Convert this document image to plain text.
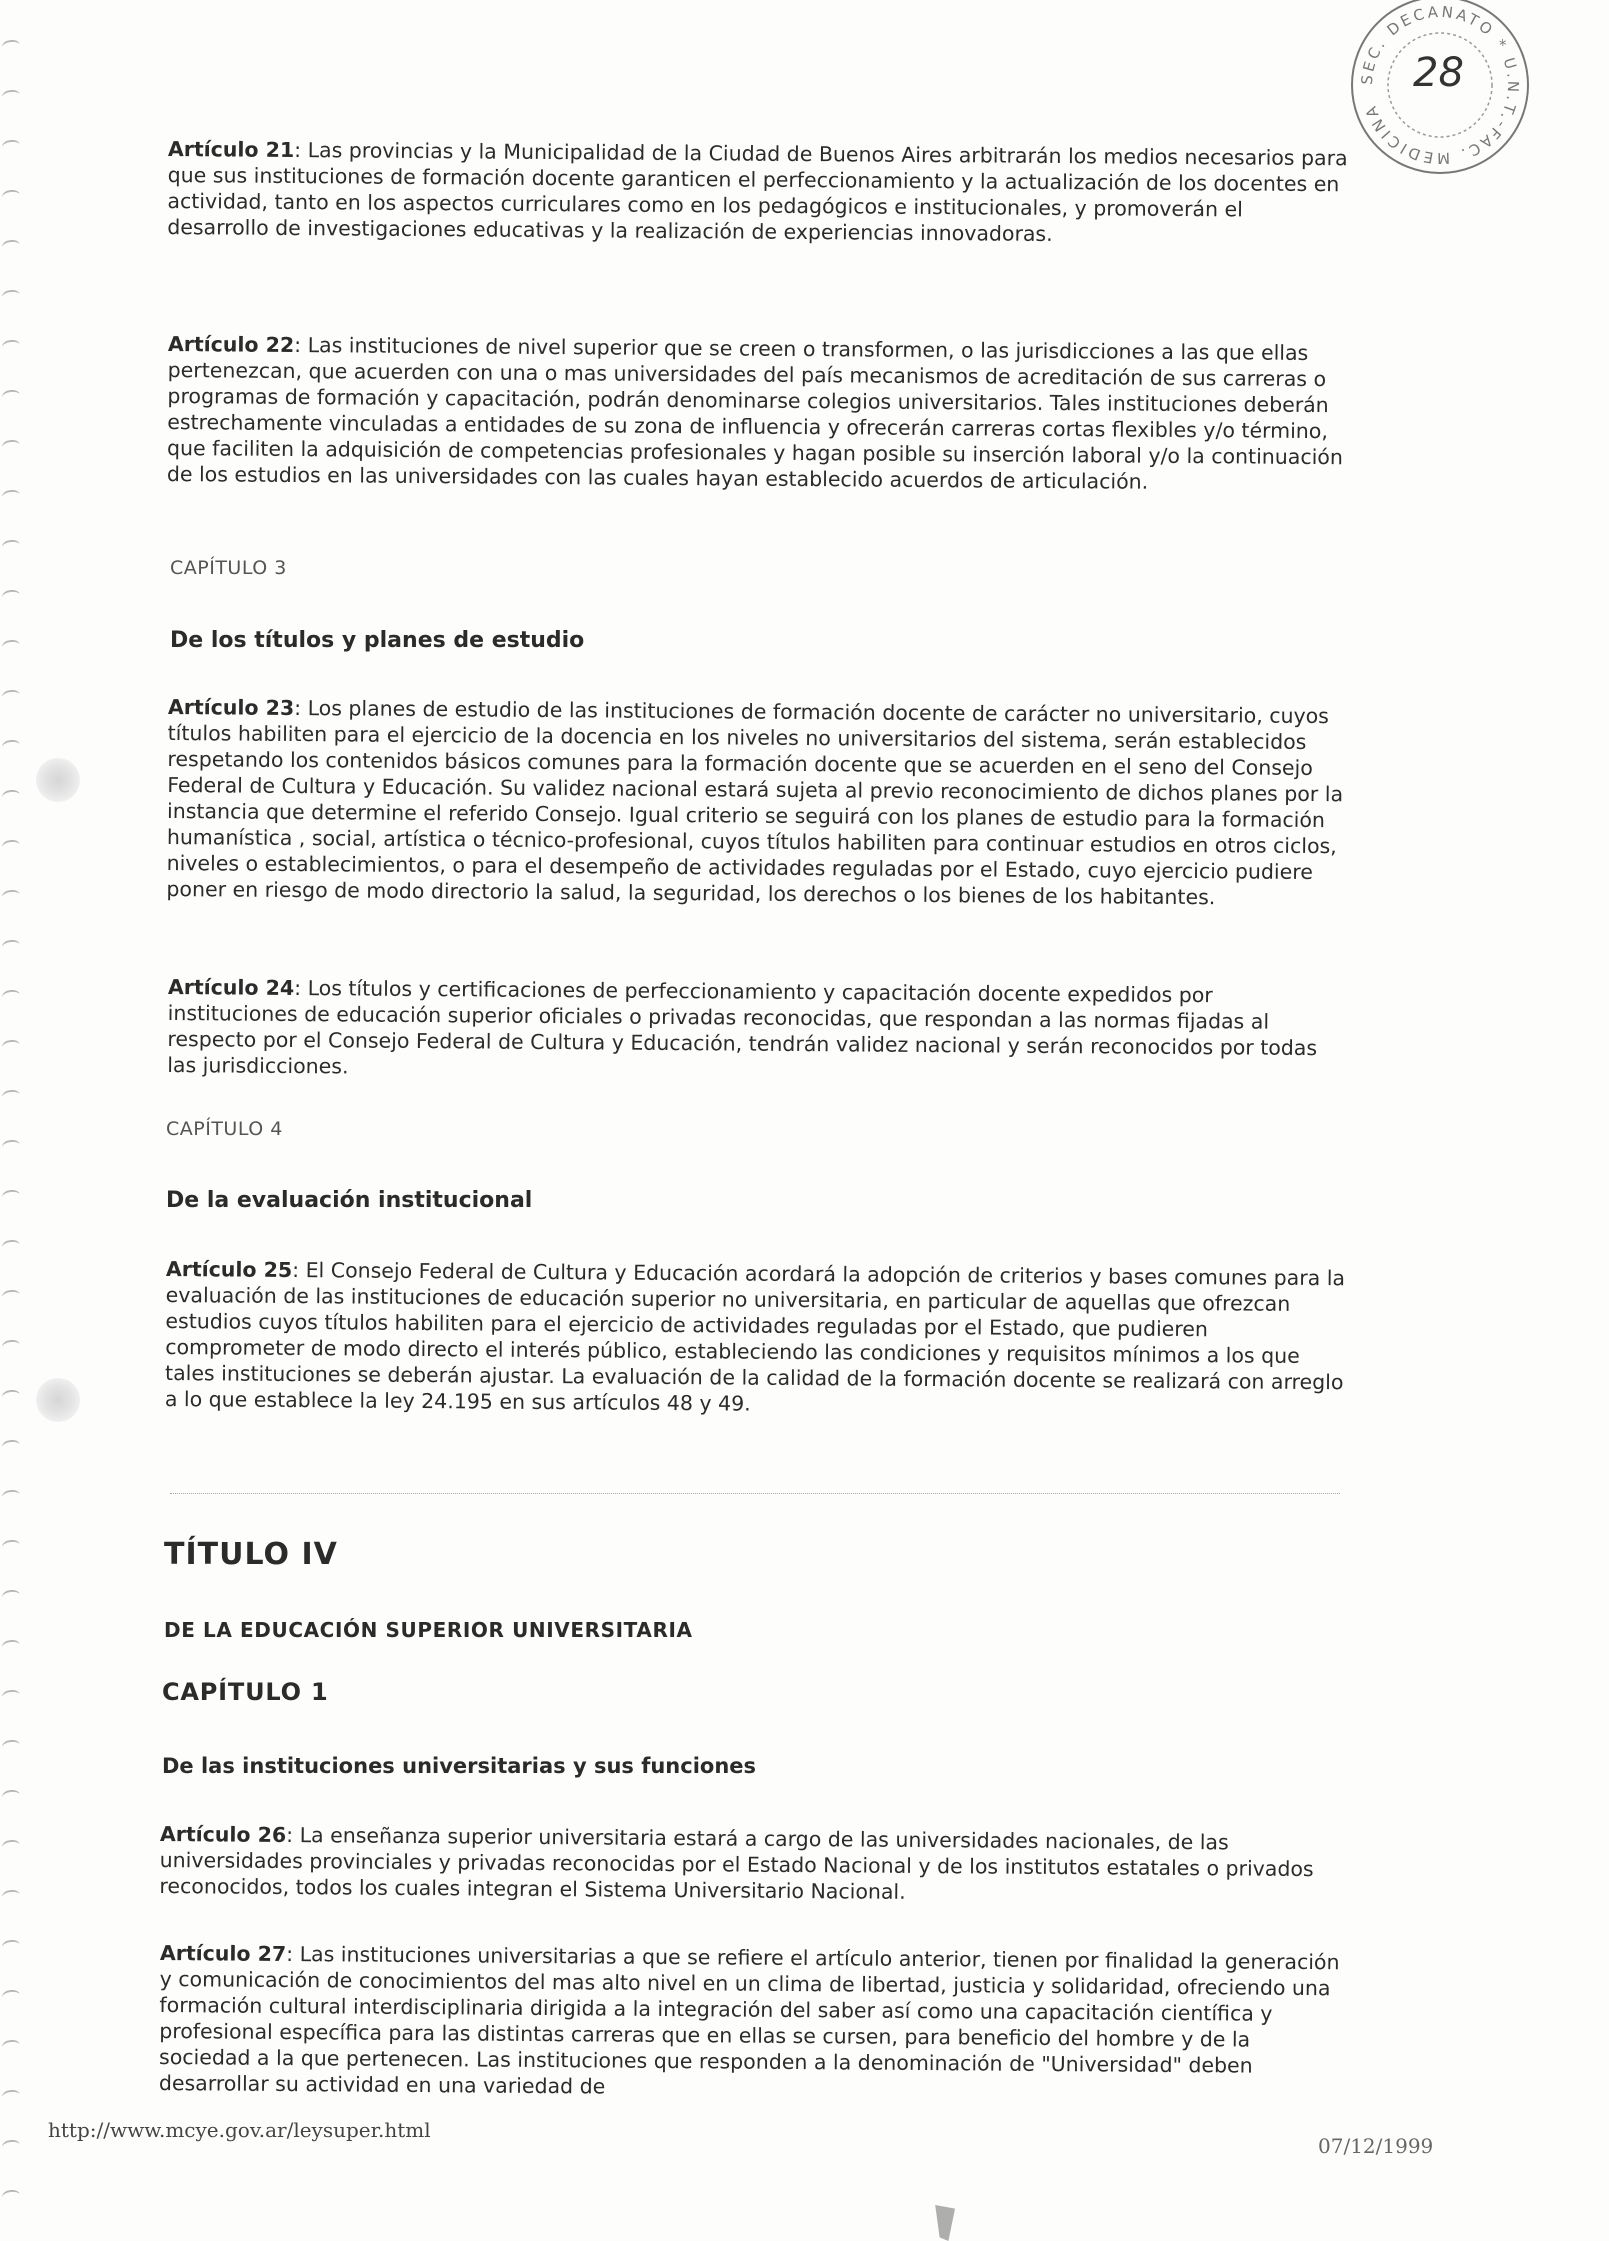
SEC. DECANATO * U.N.T.-FAC. MEDICINA
28

Artículo 21: Las provincias y la Municipalidad de la Ciudad de Buenos Aires arbitrarán los medios necesarios para que sus instituciones de formación docente garanticen el perfeccionamiento y la actualización de los docentes en actividad, tanto en los aspectos curriculares como en los pedagógicos e institucionales, y promoverán el desarrollo de investigaciones educativas y la realización de experiencias innovadoras.

Artículo 22: Las instituciones de nivel superior que se creen o transformen, o las jurisdicciones a las que ellas pertenezcan, que acuerden con una o mas universidades del país mecanismos de acreditación de sus carreras o programas de formación y capacitación, podrán denominarse colegios universitarios. Tales instituciones deberán estrechamente vinculadas a entidades de su zona de influencia y ofrecerán carreras cortas flexibles y/o término, que faciliten la adquisición de competencias profesionales y hagan posible su inserción laboral y/o la continuación de los estudios en las universidades con las cuales hayan establecido acuerdos de articulación.

CAPÍTULO 3
De los títulos y planes de estudio

Artículo 23: Los planes de estudio de las instituciones de formación docente de carácter no universitario, cuyos títulos habiliten para el ejercicio de la docencia en los niveles no universitarios del sistema, serán establecidos respetando los contenidos básicos comunes para la formación docente que se acuerden en el seno del Consejo Federal de Cultura y Educación. Su validez nacional estará sujeta al previo reconocimiento de dichos planes por la instancia que determine el referido Consejo. Igual criterio se seguirá con los planes de estudio para la formación humanística , social, artística o técnico-profesional, cuyos títulos habiliten para continuar estudios en otros ciclos, niveles o establecimientos, o para el desempeño de actividades reguladas por el Estado, cuyo ejercicio pudiere poner en riesgo de modo directorio la salud, la seguridad, los derechos o los bienes de los habitantes.

Artículo 24: Los títulos y certificaciones de perfeccionamiento y capacitación docente expedidos por instituciones de educación superior oficiales o privadas reconocidas, que respondan a las normas fijadas al respecto por el Consejo Federal de Cultura y Educación, tendrán validez nacional y serán reconocidos por todas las jurisdicciones.

CAPÍTULO 4
De la evaluación institucional

Artículo 25: El Consejo Federal de Cultura y Educación acordará la adopción de criterios y bases comunes para la evaluación de las instituciones de educación superior no universitaria, en particular de aquellas que ofrezcan estudios cuyos títulos habiliten para el ejercicio de actividades reguladas por el Estado, que pudieren comprometer de modo directo el interés público, estableciendo las condiciones y requisitos mínimos a los que tales instituciones se deberán ajustar. La evaluación de la calidad de la formación docente se realizará con arreglo a lo que establece la ley 24.195 en sus artículos 48 y 49.

TÍTULO IV
DE LA EDUCACIÓN SUPERIOR UNIVERSITARIA
CAPÍTULO 1
De las instituciones universitarias y sus funciones

Artículo 26: La enseñanza superior universitaria estará a cargo de las universidades nacionales, de las universidades provinciales y privadas reconocidas por el Estado Nacional y de los institutos estatales o privados reconocidos, todos los cuales integran el Sistema Universitario Nacional.

Artículo 27: Las instituciones universitarias a que se refiere el artículo anterior, tienen por finalidad la generación y comunicación de conocimientos del mas alto nivel en un clima de libertad, justicia y solidaridad, ofreciendo una formación cultural interdisciplinaria dirigida a la integración del saber así como una capacitación científica y profesional específica para las distintas carreras que en ellas se cursen, para beneficio del hombre y de la sociedad a la que pertenecen. Las instituciones que responden a la denominación de "Universidad" deben desarrollar su actividad en una variedad de

http://www.mcye.gov.ar/leysuper.html
07/12/1999
